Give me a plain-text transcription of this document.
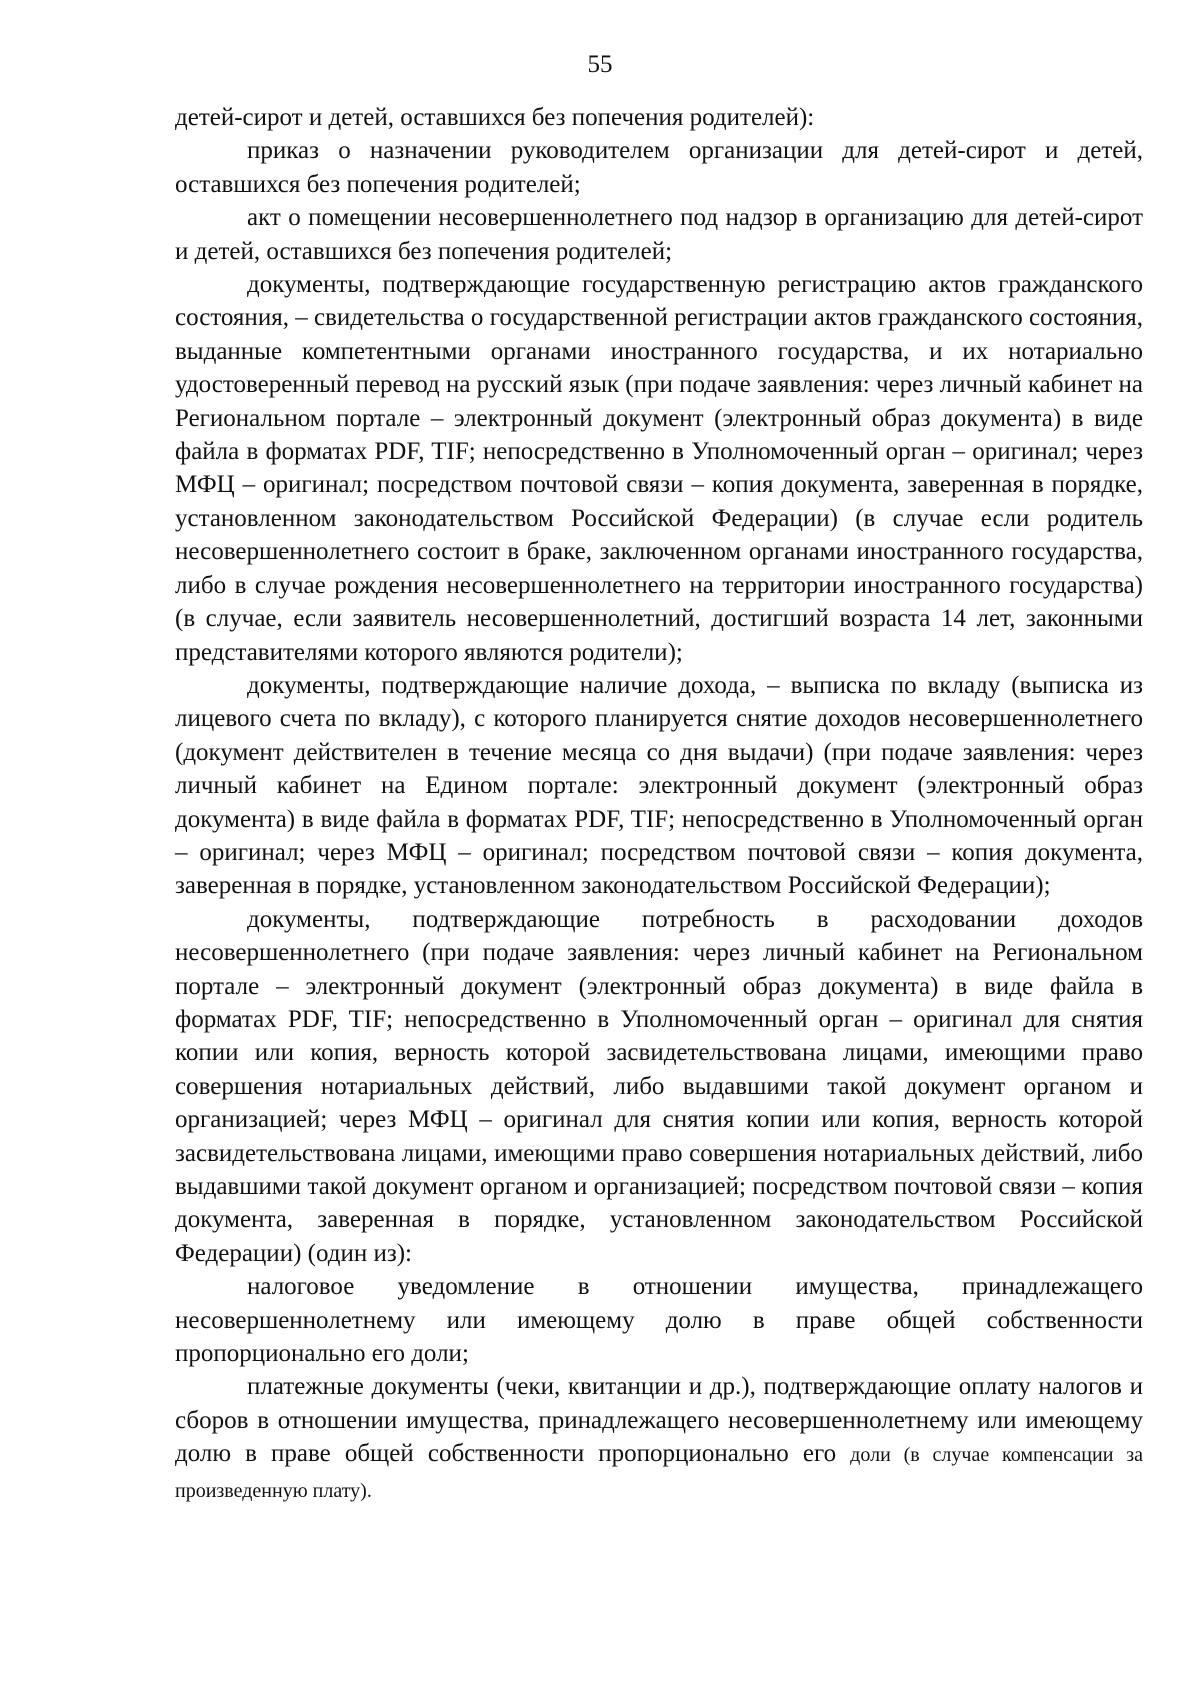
55

детей-сирот и детей, оставшихся без попечения родителей):

приказ о назначении руководителем организации для детей-сирот и детей, оставшихся без попечения родителей;

акт о помещении несовершеннолетнего под надзор в организацию для детей-сирот и детей, оставшихся без попечения родителей;

документы, подтверждающие государственную регистрацию актов гражданского состояния, – свидетельства о государственной регистрации актов гражданского состояния, выданные компетентными органами иностранного государства, и их нотариально удостоверенный перевод на русский язык (при подаче заявления: через личный кабинет на Региональном портале – электронный документ (электронный образ документа) в виде файла в форматах PDF, TIF; непосредственно в Уполномоченный орган – оригинал; через МФЦ – оригинал; посредством почтовой связи – копия документа, заверенная в порядке, установленном законодательством Российской Федерации) (в случае если родитель несовершеннолетнего состоит в браке, заключенном органами иностранного государства, либо в случае рождения несовершеннолетнего на территории иностранного государства) (в случае, если заявитель несовершеннолетний, достигший возраста 14 лет, законными представителями которого являются родители);

документы, подтверждающие наличие дохода, – выписка по вкладу (выписка из лицевого счета по вкладу), с которого планируется снятие доходов несовершеннолетнего (документ действителен в течение месяца со дня выдачи) (при подаче заявления: через личный кабинет на Едином портале: электронный документ (электронный образ документа) в виде файла в форматах PDF, TIF; непосредственно в Уполномоченный орган – оригинал; через МФЦ – оригинал; посредством почтовой связи – копия документа, заверенная в порядке, установленном законодательством Российской Федерации);

документы, подтверждающие потребность в расходовании доходов несовершеннолетнего (при подаче заявления: через личный кабинет на Региональном портале – электронный документ (электронный образ документа) в виде файла в форматах PDF, TIF; непосредственно в Уполномоченный орган – оригинал для снятия копии или копия, верность которой засвидетельствована лицами, имеющими право совершения нотариальных действий, либо выдавшими такой документ органом и организацией; через МФЦ – оригинал для снятия копии или копия, верность которой засвидетельствована лицами, имеющими право совершения нотариальных действий, либо выдавшими такой документ органом и организацией; посредством почтовой связи – копия документа, заверенная в порядке, установленном законодательством Российской Федерации) (один из):

налоговое уведомление в отношении имущества, принадлежащего несовершеннолетнему или имеющему долю в праве общей собственности пропорционально его доли;

платежные документы (чеки, квитанции и др.), подтверждающие оплату налогов и сборов в отношении имущества, принадлежащего несовершеннолетнему или имеющему долю в праве общей собственности пропорционально его доли (в случае компенсации за произведенную плату).
